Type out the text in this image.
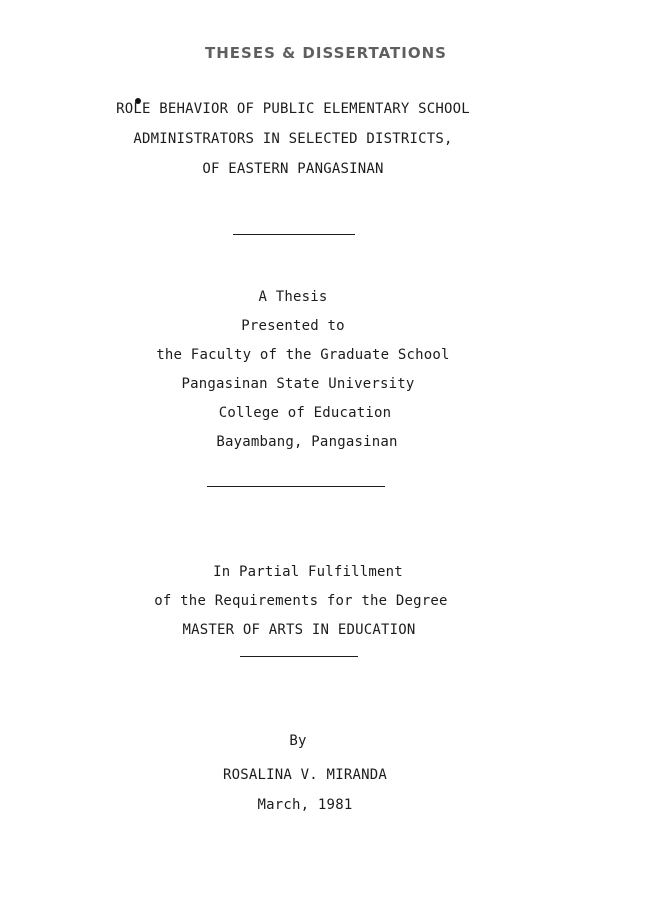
THESES & DISSERTATIONS
ROLE BEHAVIOR OF PUBLIC ELEMENTARY SCHOOL
ADMINISTRATORS IN SELECTED DISTRICTS,
OF EASTERN PANGASINAN
A Thesis
Presented to
the Faculty of the Graduate School
Pangasinan State University
College of Education
Bayambang, Pangasinan
In Partial Fulfillment
of the Requirements for the Degree
MASTER OF ARTS IN EDUCATION
By
ROSALINA V. MIRANDA
March, 1981
